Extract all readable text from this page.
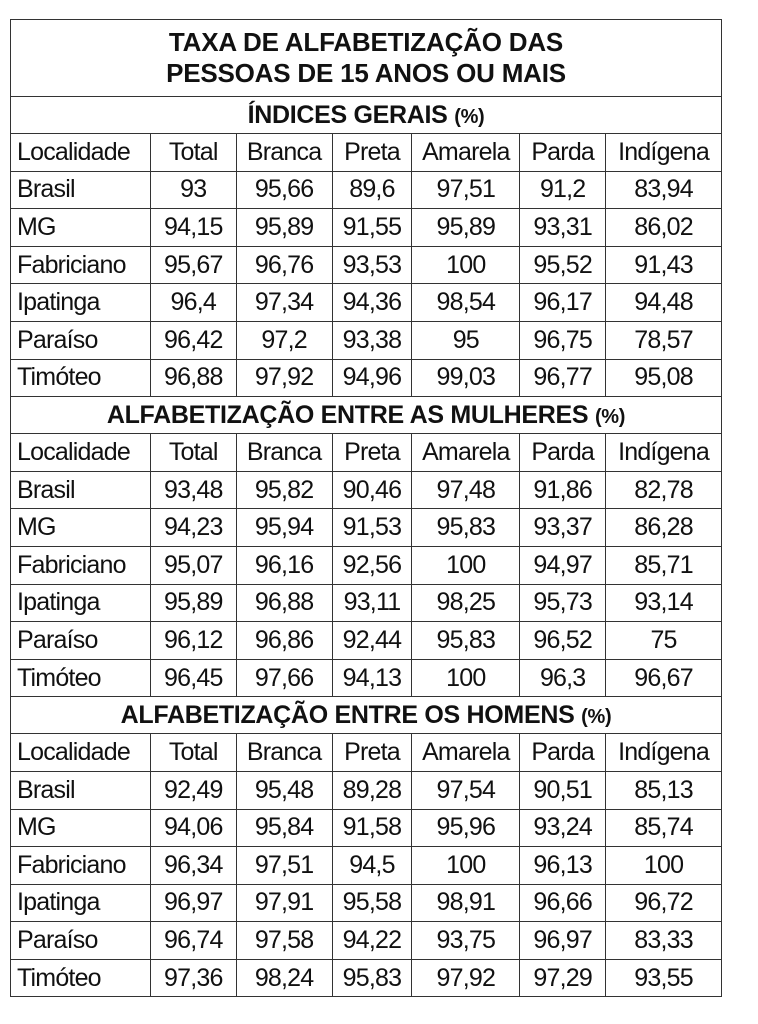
TAXA DE ALFABETIZAÇÃO DAS
PESSOAS DE 15 ANOS OU MAIS						

ÍNDICES GERAIS (%)						
Localidade	Total	Branca	Preta	Amarela	Parda	Indígena
Brasil	93	95,66	89,6	97,51	91,2	83,94
MG	94,15	95,89	91,55	95,89	93,31	86,02
Fabriciano	95,67	96,76	93,53	100	95,52	91,43
Ipatinga	96,4	97,34	94,36	98,54	96,17	94,48
Paraíso	96,42	97,2	93,38	95	96,75	78,57
Timóteo	96,88	97,92	94,96	99,03	96,77	95,08
ALFABETIZAÇÃO ENTRE AS MULHERES (%)						
Localidade	Total	Branca	Preta	Amarela	Parda	Indígena
Brasil	93,48	95,82	90,46	97,48	91,86	82,78
MG	94,23	95,94	91,53	95,83	93,37	86,28
Fabriciano	95,07	96,16	92,56	100	94,97	85,71
Ipatinga	95,89	96,88	93,11	98,25	95,73	93,14
Paraíso	96,12	96,86	92,44	95,83	96,52	75
Timóteo	96,45	97,66	94,13	100	96,3	96,67
ALFABETIZAÇÃO ENTRE OS HOMENS (%)						
Localidade	Total	Branca	Preta	Amarela	Parda	Indígena
Brasil	92,49	95,48	89,28	97,54	90,51	85,13
MG	94,06	95,84	91,58	95,96	93,24	85,74
Fabriciano	96,34	97,51	94,5	100	96,13	100
Ipatinga	96,97	97,91	95,58	98,91	96,66	96,72
Paraíso	96,74	97,58	94,22	93,75	96,97	83,33
Timóteo	97,36	98,24	95,83	97,92	97,29	93,55
